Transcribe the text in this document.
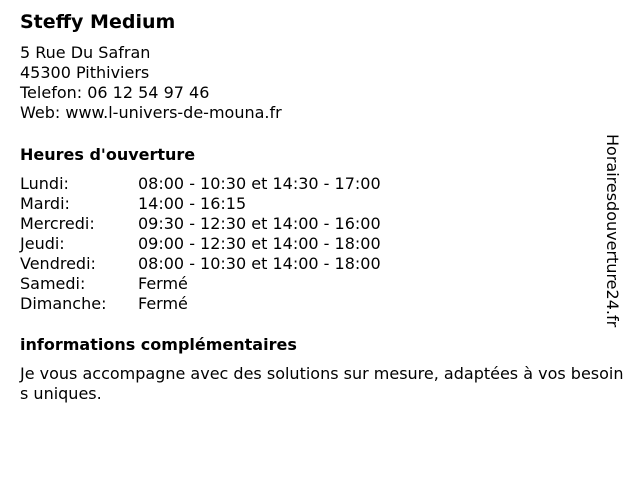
Steffy Medium
5 Rue Du Safran
45300 Pithiviers
Telefon: 06 12 54 97 46
Web: www.l-univers-de-mouna.fr
Heures d'ouverture
Lundi:	08:00 - 10:30 et 14:30 - 17:00
Mardi:	14:00 - 16:15
Mercredi:	09:30 - 12:30 et 14:00 - 16:00
Jeudi:	09:00 - 12:30 et 14:00 - 18:00
Vendredi:	08:00 - 10:30 et 14:00 - 18:00
Samedi:	Fermé
Dimanche:	Fermé
informations complémentaires
Je vous accompagne avec des solutions sur mesure, adaptées à vos besoins uniques.
Horairesdouverture24.fr
